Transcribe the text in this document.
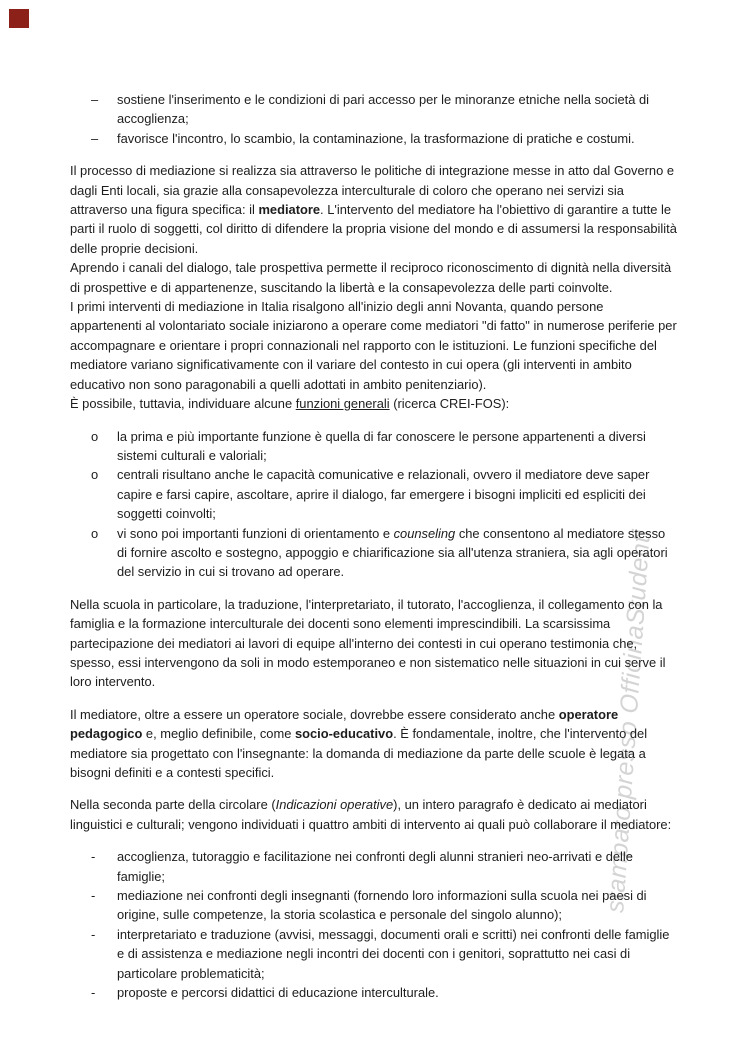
stampato presso OfficinaStudenti
– sostiene l'inserimento e le condizioni di pari accesso per le minoranze etniche nella società di accoglienza;
– favorisce l'incontro, lo scambio, la contaminazione, la trasformazione di pratiche e costumi.

Il processo di mediazione si realizza sia attraverso le politiche di integrazione messe in atto dal Governo e dagli Enti locali, sia grazie alla consapevolezza interculturale di coloro che operano nei servizi sia attraverso una figura specifica: il mediatore. L'intervento del mediatore ha l'obiettivo di garantire a tutte le parti il ruolo di soggetti, col diritto di difendere la propria visione del mondo e di assumersi la responsabilità delle proprie decisioni.

Aprendo i canali del dialogo, tale prospettiva permette il reciproco riconoscimento di dignità nella diversità di prospettive e di appartenenze, suscitando la libertà e la consapevolezza delle parti coinvolte.

I primi interventi di mediazione in Italia risalgono all'inizio degli anni Novanta, quando persone appartenenti al volontariato sociale iniziarono a operare come mediatori "di fatto" in numerose periferie per accompagnare e orientare i propri connazionali nel rapporto con le istituzioni. Le funzioni specifiche del mediatore variano significativamente con il variare del contesto in cui opera (gli interventi in ambito educativo non sono paragonabili a quelli adottati in ambito penitenziario).

È possibile, tuttavia, individuare alcune funzioni generali (ricerca CREI-FOS):

o la prima e più importante funzione è quella di far conoscere le persone appartenenti a diversi sistemi culturali e valoriali;
o centrali risultano anche le capacità comunicative e relazionali, ovvero il mediatore deve saper capire e farsi capire, ascoltare, aprire il dialogo, far emergere i bisogni impliciti ed espliciti dei soggetti coinvolti;
o vi sono poi importanti funzioni di orientamento e counseling che consentono al mediatore stesso di fornire ascolto e sostegno, appoggio e chiarificazione sia all'utenza straniera, sia agli operatori del servizio in cui si trovano ad operare.

Nella scuola in particolare, la traduzione, l'interpretariato, il tutorato, l'accoglienza, il collegamento con la famiglia e la formazione interculturale dei docenti sono elementi imprescindibili. La scarsissima partecipazione dei mediatori ai lavori di equipe all'interno dei contesti in cui operano testimonia che, spesso, essi intervengono da soli in modo estemporaneo e non sistematico nelle situazioni in cui serve il loro intervento.

Il mediatore, oltre a essere un operatore sociale, dovrebbe essere considerato anche operatore pedagogico e, meglio definibile, come socio-educativo. È fondamentale, inoltre, che l'intervento del mediatore sia progettato con l'insegnante: la domanda di mediazione da parte delle scuole è legata a bisogni definiti e a contesti specifici.

Nella seconda parte della circolare (Indicazioni operative), un intero paragrafo è dedicato ai mediatori linguistici e culturali; vengono individuati i quattro ambiti di intervento ai quali può collaborare il mediatore:

- accoglienza, tutoraggio e facilitazione nei confronti degli alunni stranieri neo-arrivati e delle famiglie;
- mediazione nei confronti degli insegnanti (fornendo loro informazioni sulla scuola nei paesi di origine, sulle competenze, la storia scolastica e personale del singolo alunno);
- interpretariato e traduzione (avvisi, messaggi, documenti orali e scritti) nei confronti delle famiglie e di assistenza e mediazione negli incontri dei docenti con i genitori, soprattutto nei casi di particolare problematicità;
- proposte e percorsi didattici di educazione interculturale.
